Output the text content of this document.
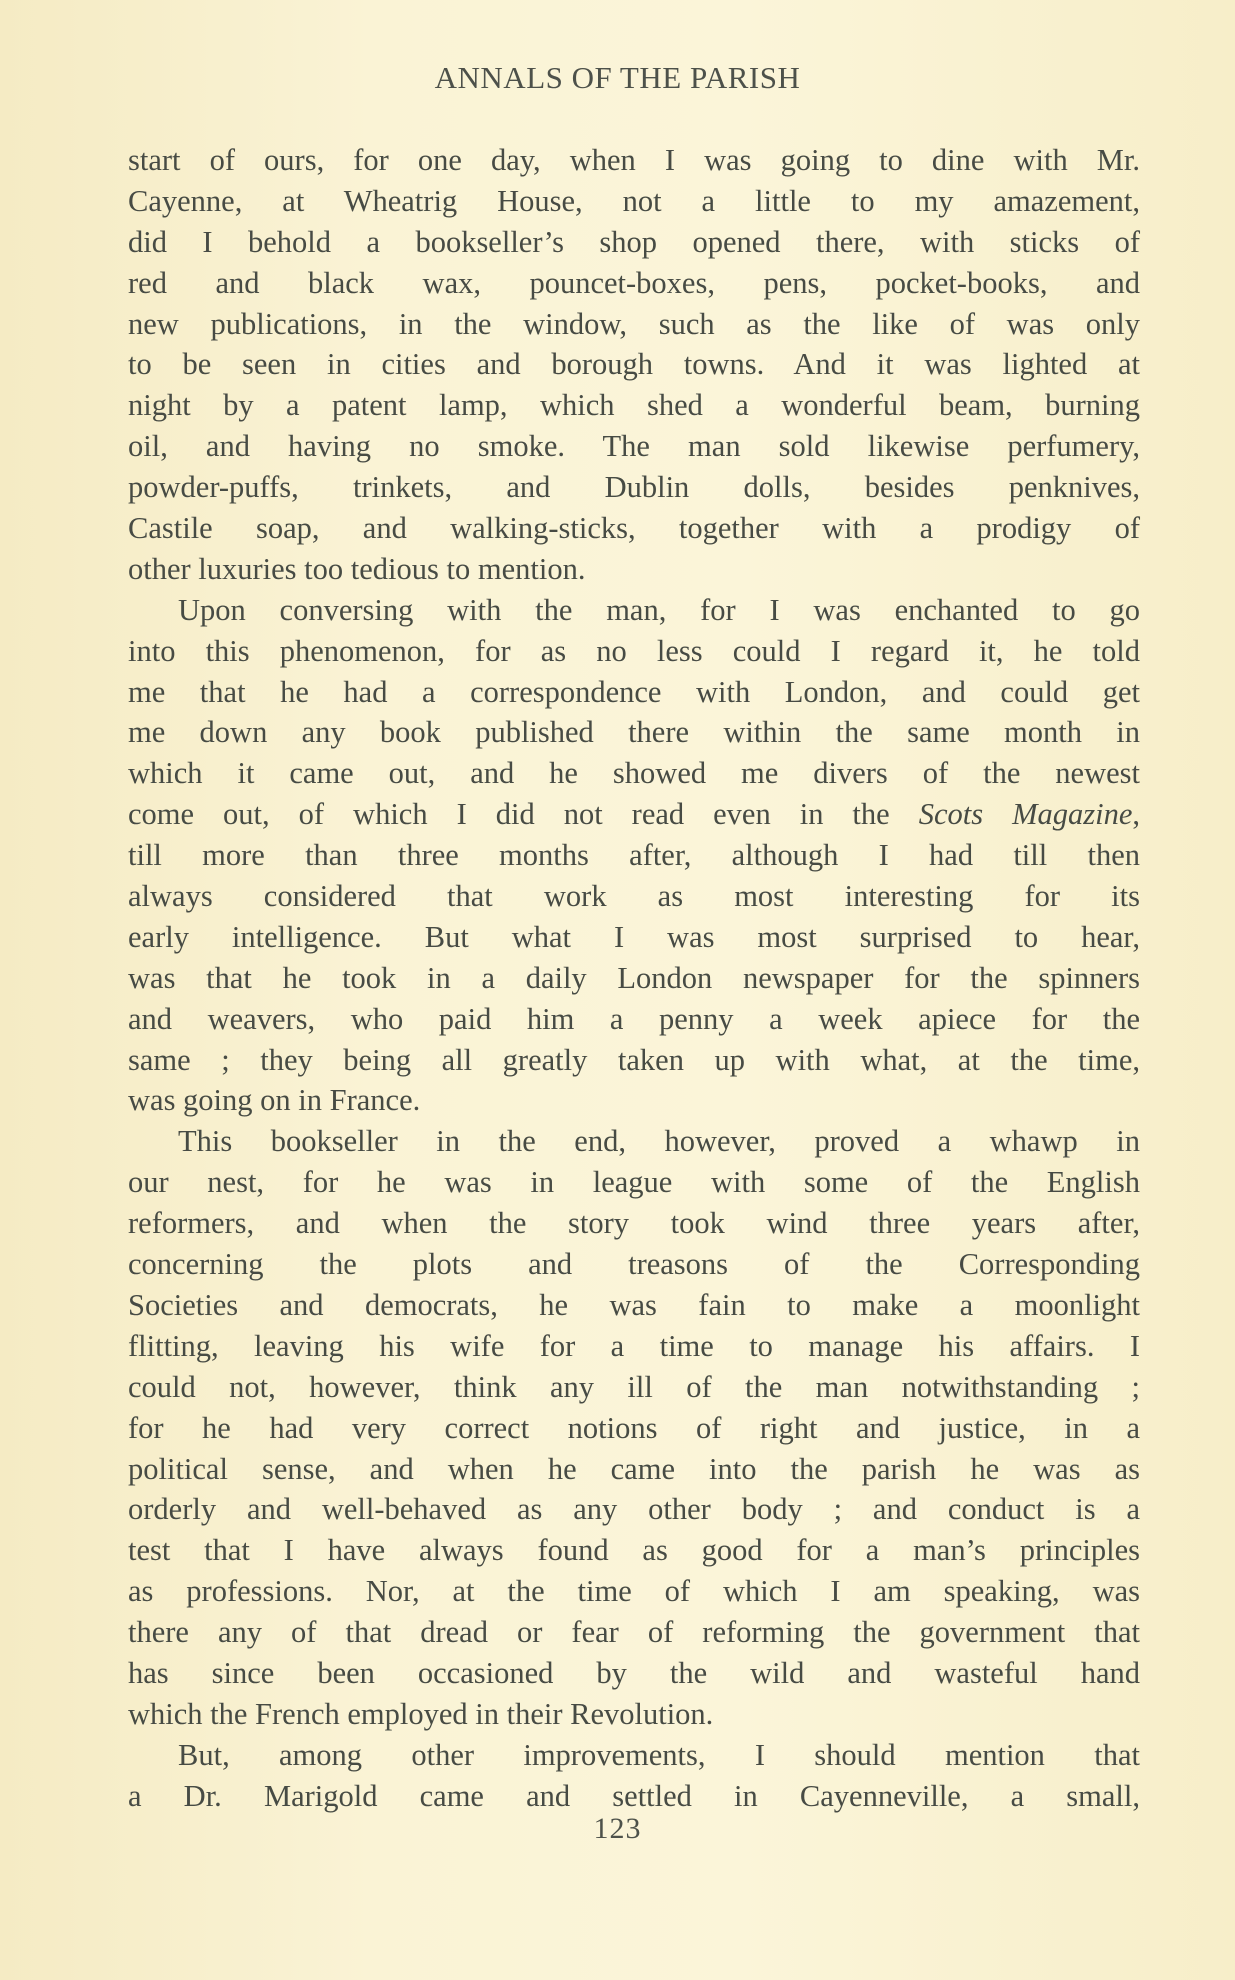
ANNALS OF THE PARISH
start of ours, for one day, when I was going to dine with Mr.
Cayenne, at Wheatrig House, not a little to my amazement,
did I behold a bookseller’s shop opened there, with sticks of
red and black wax, pouncet-boxes, pens, pocket-books, and
new publications, in the window, such as the like of was only
to be seen in cities and borough towns. And it was lighted at
night by a patent lamp, which shed a wonderful beam, burning
oil, and having no smoke. The man sold likewise perfumery,
powder-puffs, trinkets, and Dublin dolls, besides penknives,
Castile soap, and walking-sticks, together with a prodigy of
other luxuries too tedious to mention.
Upon conversing with the man, for I was enchanted to go
into this phenomenon, for as no less could I regard it, he told
me that he had a correspondence with London, and could get
me down any book published there within the same month in
which it came out, and he showed me divers of the newest
come out, of which I did not read even in the Scots Magazine,
till more than three months after, although I had till then
always considered that work as most interesting for its
early intelligence. But what I was most surprised to hear,
was that he took in a daily London newspaper for the spinners
and weavers, who paid him a penny a week apiece for the
same ; they being all greatly taken up with what, at the time,
was going on in France.
This bookseller in the end, however, proved a whawp in
our nest, for he was in league with some of the English
reformers, and when the story took wind three years after,
concerning the plots and treasons of the Corresponding
Societies and democrats, he was fain to make a moonlight
flitting, leaving his wife for a time to manage his affairs. I
could not, however, think any ill of the man notwithstanding ;
for he had very correct notions of right and justice, in a
political sense, and when he came into the parish he was as
orderly and well-behaved as any other body ; and conduct is a
test that I have always found as good for a man’s principles
as professions. Nor, at the time of which I am speaking, was
there any of that dread or fear of reforming the government that
has since been occasioned by the wild and wasteful hand
which the French employed in their Revolution.
But, among other improvements, I should mention that
a Dr. Marigold came and settled in Cayenneville, a small,
123
